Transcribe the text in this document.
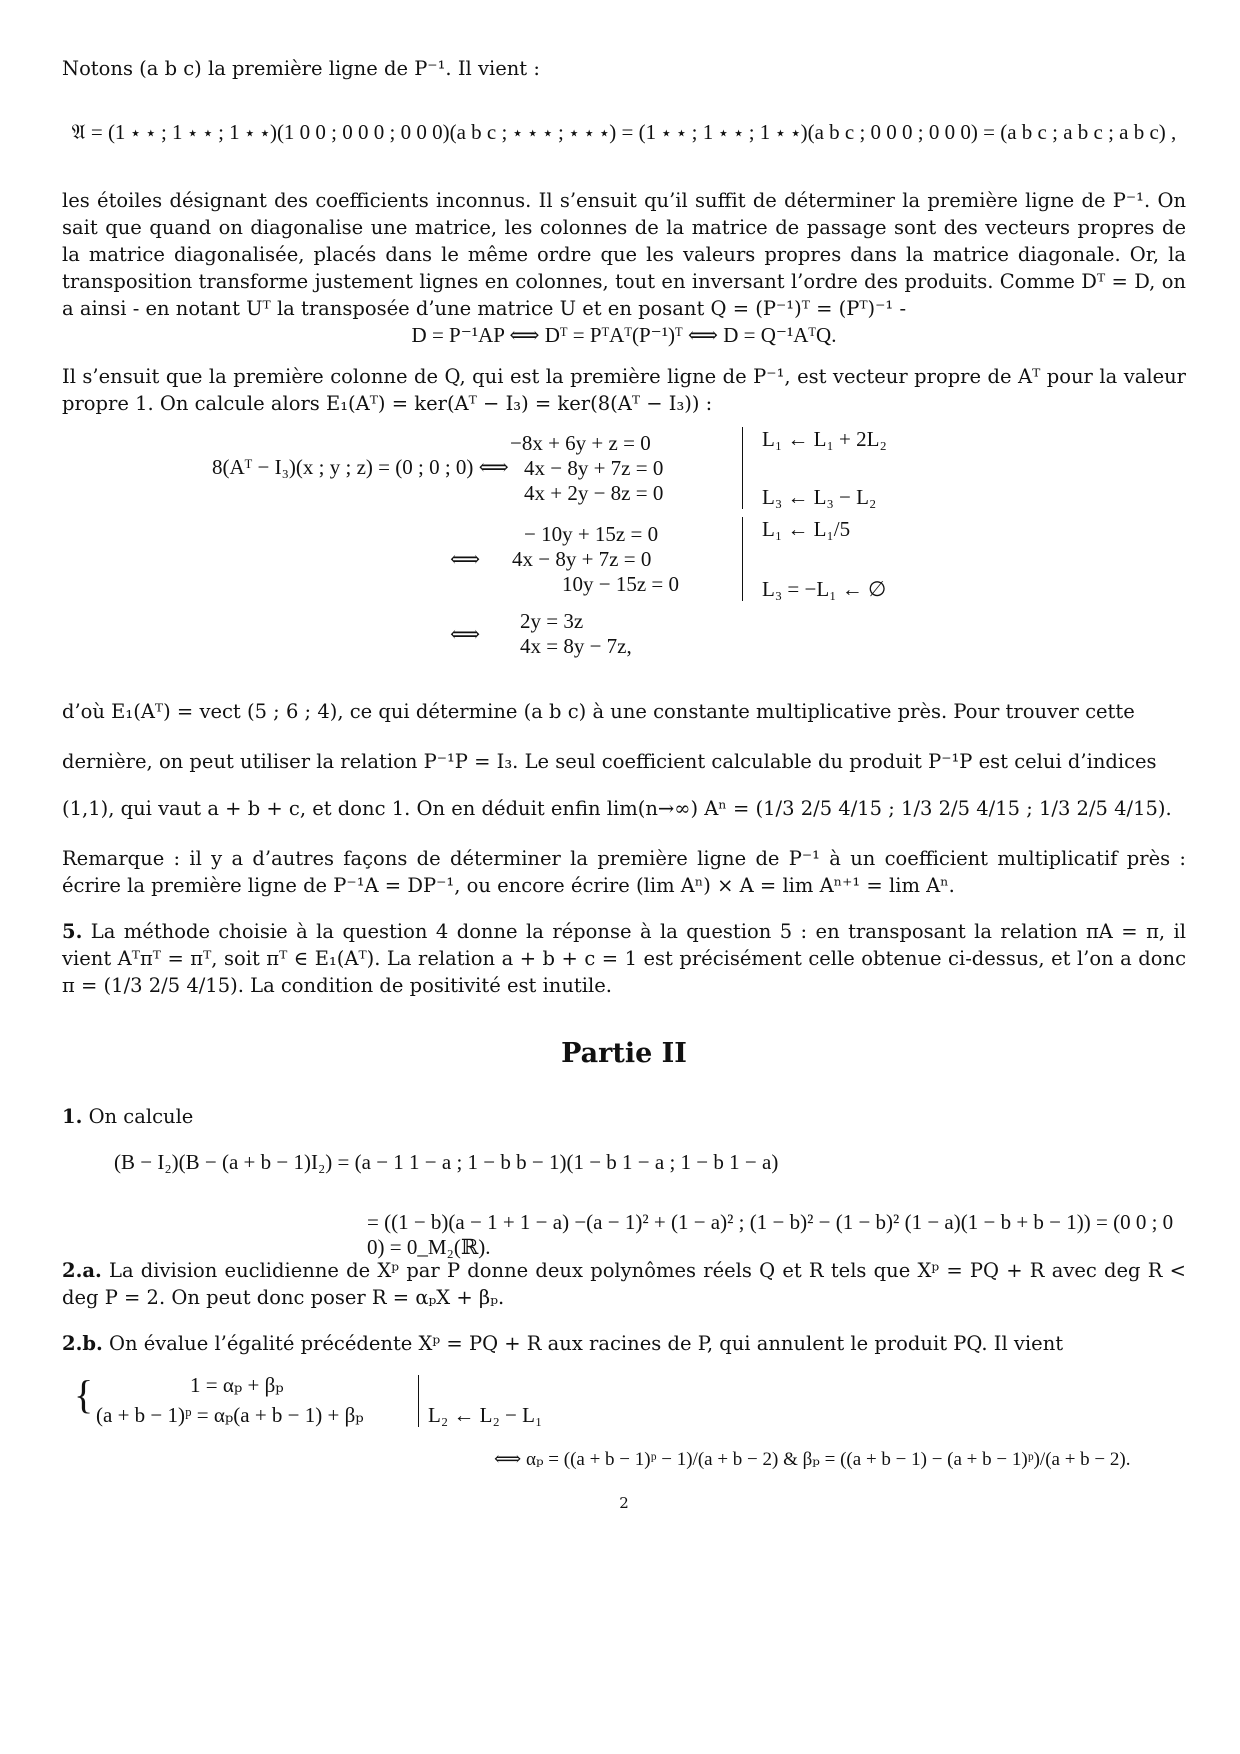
Notons (a b c) la première ligne de P⁻¹. Il vient :
𝔄 = (1 ⋆ ⋆ ; 1 ⋆ ⋆ ; 1 ⋆ ⋆)(1 0 0 ; 0 0 0 ; 0 0 0)(a b c ; ⋆ ⋆ ⋆ ; ⋆ ⋆ ⋆) = (1 ⋆ ⋆ ; 1 ⋆ ⋆ ; 1 ⋆ ⋆)(a b c ; 0 0 0 ; 0 0 0) = (a b c ; a b c ; a b c) ,
les étoiles désignant des coefficients inconnus. Il s’ensuit qu’il suffit de déterminer la première ligne de P⁻¹. On sait que quand on diagonalise une matrice, les colonnes de la matrice de passage sont des vecteurs propres de la matrice diagonalisée, placés dans le même ordre que les valeurs propres dans la matrice diagonale. Or, la transposition transforme justement lignes en colonnes, tout en inversant l’ordre des produits. Comme Dᵀ = D, on a ainsi - en notant Uᵀ la transposée d’une matrice U et en posant Q = (P⁻¹)ᵀ = (Pᵀ)⁻¹ -
D = P⁻¹AP ⟺ Dᵀ = PᵀAᵀ(P⁻¹)ᵀ ⟺ D = Q⁻¹AᵀQ.
Il s’ensuit que la première colonne de Q, qui est la première ligne de P⁻¹, est vecteur propre de Aᵀ pour la valeur propre 1. On calcule alors E₁(Aᵀ) = ker(Aᵀ − I₃) = ker(8(Aᵀ − I₃)) :
8(Aᵀ − I₃)(x ; y ; z) = (0 ; 0 ; 0) ⟺
−8x + 6y + z = 0
4x − 8y + 7z = 0
4x + 2y − 8z = 0
L₁ ← L₁ + 2L₂
L₃ ← L₃ − L₂
⟺
− 10y + 15z = 0
4x − 8y + 7z = 0
10y − 15z = 0
L₁ ← L₁/5
L₃ = −L₁ ← ∅
⟺
2y = 3z
4x = 8y − 7z,
d’où E₁(Aᵀ) = vect (5 ; 6 ; 4), ce qui détermine (a b c) à une constante multiplicative près. Pour trouver cette
dernière, on peut utiliser la relation P⁻¹P = I₃. Le seul coefficient calculable du produit P⁻¹P est celui d’indices
(1,1), qui vaut a + b + c, et donc 1. On en déduit enfin lim(n→∞) Aⁿ = (1/3 2/5 4/15 ; 1/3 2/5 4/15 ; 1/3 2/5 4/15).
Remarque : il y a d’autres façons de déterminer la première ligne de P⁻¹ à un coefficient multiplicatif près : écrire la première ligne de P⁻¹A = DP⁻¹, ou encore écrire (lim Aⁿ) × A = lim Aⁿ⁺¹ = lim Aⁿ.
5. La méthode choisie à la question 4 donne la réponse à la question 5 : en transposant la relation πA = π, il vient Aᵀπᵀ = πᵀ, soit πᵀ ∈ E₁(Aᵀ). La relation a + b + c = 1 est précisément celle obtenue ci-dessus, et l’on a donc π = (1/3 2/5 4/15). La condition de positivité est inutile.
Partie II
1. On calcule
(B − I₂)(B − (a + b − 1)I₂) = (a − 1 1 − a ; 1 − b b − 1)(1 − b 1 − a ; 1 − b 1 − a)
= ((1 − b)(a − 1 + 1 − a) −(a − 1)² + (1 − a)² ; (1 − b)² − (1 − b)² (1 − a)(1 − b + b − 1)) = (0 0 ; 0 0) = 0_M₂(ℝ).
2.a. La division euclidienne de Xᵖ par P donne deux polynômes réels Q et R tels que Xᵖ = PQ + R avec deg R < deg P = 2. On peut donc poser R = αₚX + βₚ.
2.b. On évalue l’égalité précédente Xᵖ = PQ + R aux racines de P, qui annulent le produit PQ. Il vient
{	1 = αₚ + βₚ
(a + b − 1)ᵖ = αₚ(a + b − 1) + βₚ	L₂ ← L₂ − L₁
⟺ αₚ = ((a + b − 1)ᵖ − 1)/(a + b − 2) & βₚ = ((a + b − 1) − (a + b − 1)ᵖ)/(a + b − 2).
2
